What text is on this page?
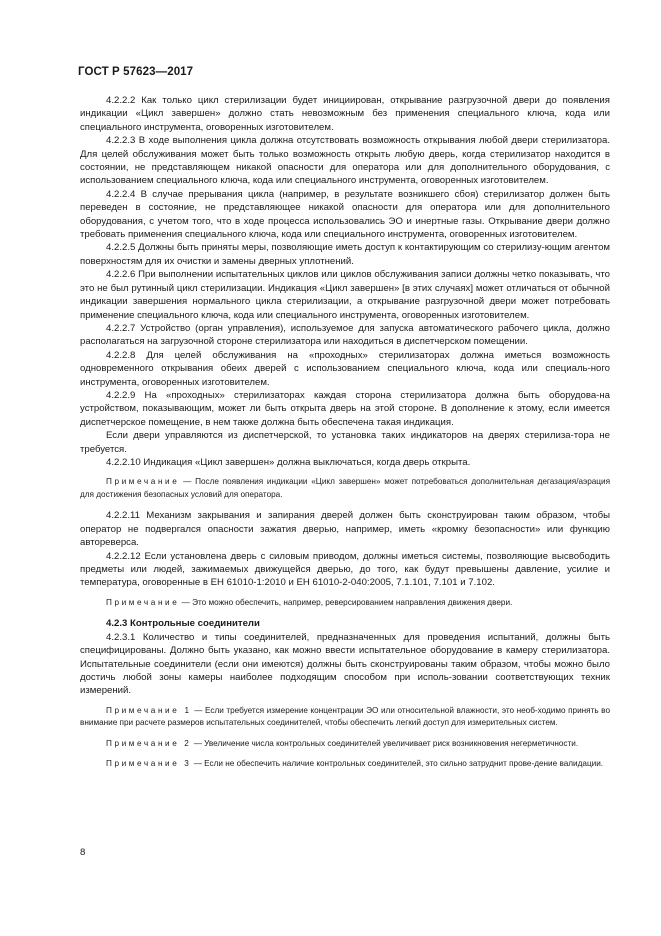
ГОСТ Р 57623—2017

4.2.2.2 Как только цикл стерилизации будет инициирован, открывание разгрузочной двери до появления индикации «Цикл завершен» должно стать невозможным без применения специального ключа, кода или специального инструмента, оговоренных изготовителем.

4.2.2.3 В ходе выполнения цикла должна отсутствовать возможность открывания любой двери стерилизатора. Для целей обслуживания может быть только возможность открыть любую дверь, когда стерилизатор находится в состоянии, не представляющем никакой опасности для оператора или для дополнительного оборудования, с использованием специального ключа, кода или специального инструмента, оговоренных изготовителем.

4.2.2.4 В случае прерывания цикла (например, в результате возникшего сбоя) стерилизатор должен быть переведен в состояние, не представляющее никакой опасности для оператора или для дополнительного оборудования, с учетом того, что в ходе процесса использовались ЭО и инертные газы. Открывание двери должно требовать применения специального ключа, кода или специального инструмента, оговоренных изготовителем.

4.2.2.5 Должны быть приняты меры, позволяющие иметь доступ к контактирующим со стерилизу-ющим агентом поверхностям для их очистки и замены дверных уплотнений.

4.2.2.6 При выполнении испытательных циклов или циклов обслуживания записи должны четко показывать, что это не был рутинный цикл стерилизации. Индикация «Цикл завершен» [в этих случаях] может отличаться от обычной индикации завершения нормального цикла стерилизации, а открывание разгрузочной двери может потребовать применение специального ключа, кода или специального инструмента, оговоренных изготовителем.

4.2.2.7 Устройство (орган управления), используемое для запуска автоматического рабочего цикла, должно располагаться на загрузочной стороне стерилизатора или находиться в диспетчерском помещении.

4.2.2.8 Для целей обслуживания на «проходных» стерилизаторах должна иметься возможность одновременного открывания обеих дверей с использованием специального ключа, кода или специаль-ного инструмента, оговоренных изготовителем.

4.2.2.9 На «проходных» стерилизаторах каждая сторона стерилизатора должна быть оборудова-на устройством, показывающим, может ли быть открыта дверь на этой стороне. В дополнение к этому, если имеется диспетчерское помещение, в нем также должна быть обеспечена такая индикация.

Если двери управляются из диспетчерской, то установка таких индикаторов на дверях стерилиза-тора не требуется.

4.2.2.10 Индикация «Цикл завершен» должна выключаться, когда дверь открыта.

Примечание — После появления индикации «Цикл завершен» может потребоваться дополнительная дегазация/аэрация для достижения безопасных условий для оператора.

4.2.2.11 Механизм закрывания и запирания дверей должен быть сконструирован таким образом, чтобы оператор не подвергался опасности зажатия дверью, например, иметь «кромку безопасности» или функцию автореверса.

4.2.2.12 Если установлена дверь с силовым приводом, должны иметься системы, позволяющие высвободить предметы или людей, зажимаемых движущейся дверью, до того, как будут превышены давление, усилие и температура, оговоренные в ЕН 61010-1:2010 и ЕН 61010-2-040:2005, 7.1.101, 7.101 и 7.102.

Примечание — Это можно обеспечить, например, реверсированием направления движения двери.

4.2.3 Контрольные соединители

4.2.3.1 Количество и типы соединителей, предназначенных для проведения испытаний, должны быть специфицированы. Должно быть указано, как можно ввести испытательное оборудование в камеру стерилизатора. Испытательные соединители (если они имеются) должны быть сконструированы таким образом, чтобы можно было достичь любой зоны камеры наиболее подходящим способом при исполь-зовании соответствующих техник измерений.

Примечание 1 — Если требуется измерение концентрации ЭО или относительной влажности, это необ-ходимо принять во внимание при расчете размеров испытательных соединителей, чтобы обеспечить легкий доступ для измерительных систем.

Примечание 2 — Увеличение числа контрольных соединителей увеличивает риск возникновения негерметичности.

Примечание 3 — Если не обеспечить наличие контрольных соединителей, это сильно затруднит прове-дение валидации.

8
